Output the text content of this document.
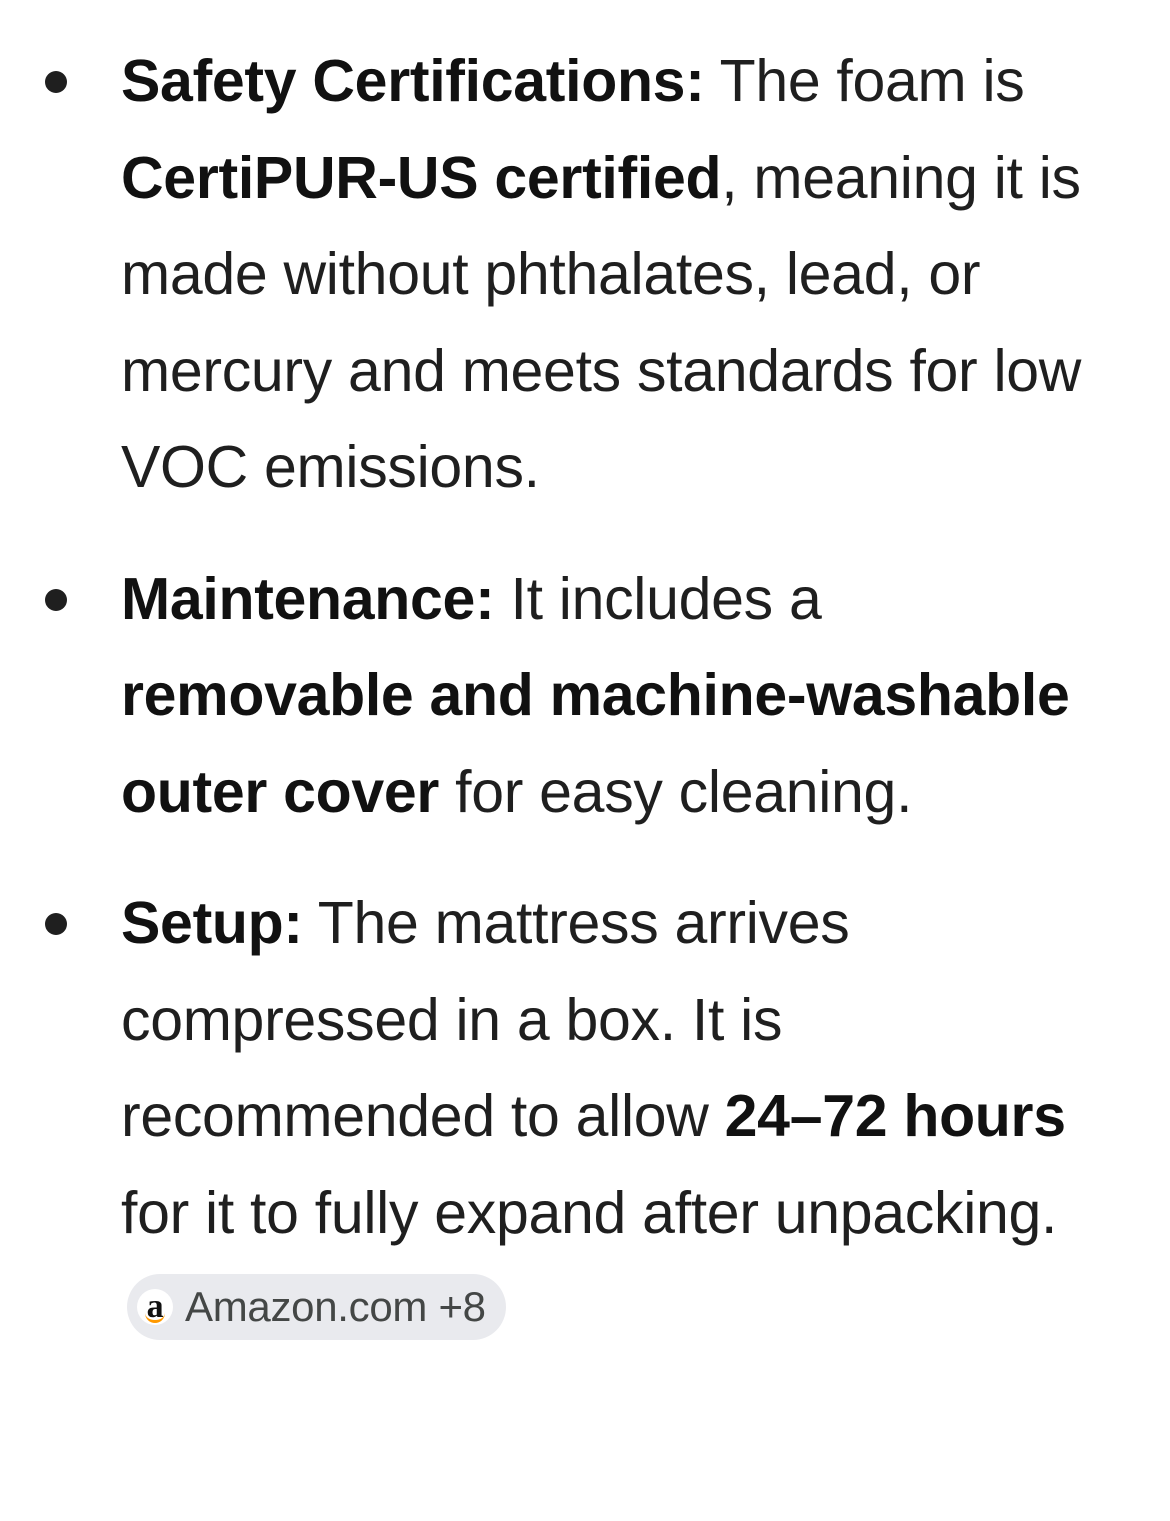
Safety Certifications: The foam is CertiPUR-US certified, meaning it is made without phthalates, lead, or mercury and meets standards for low VOC emissions.
Maintenance: It includes a removable and machine-washable outer cover for easy cleaning.
Setup: The mattress arrives compressed in a box. It is recommended to allow 24–72 hours for it to fully expand after unpacking.
a Amazon.com +8
